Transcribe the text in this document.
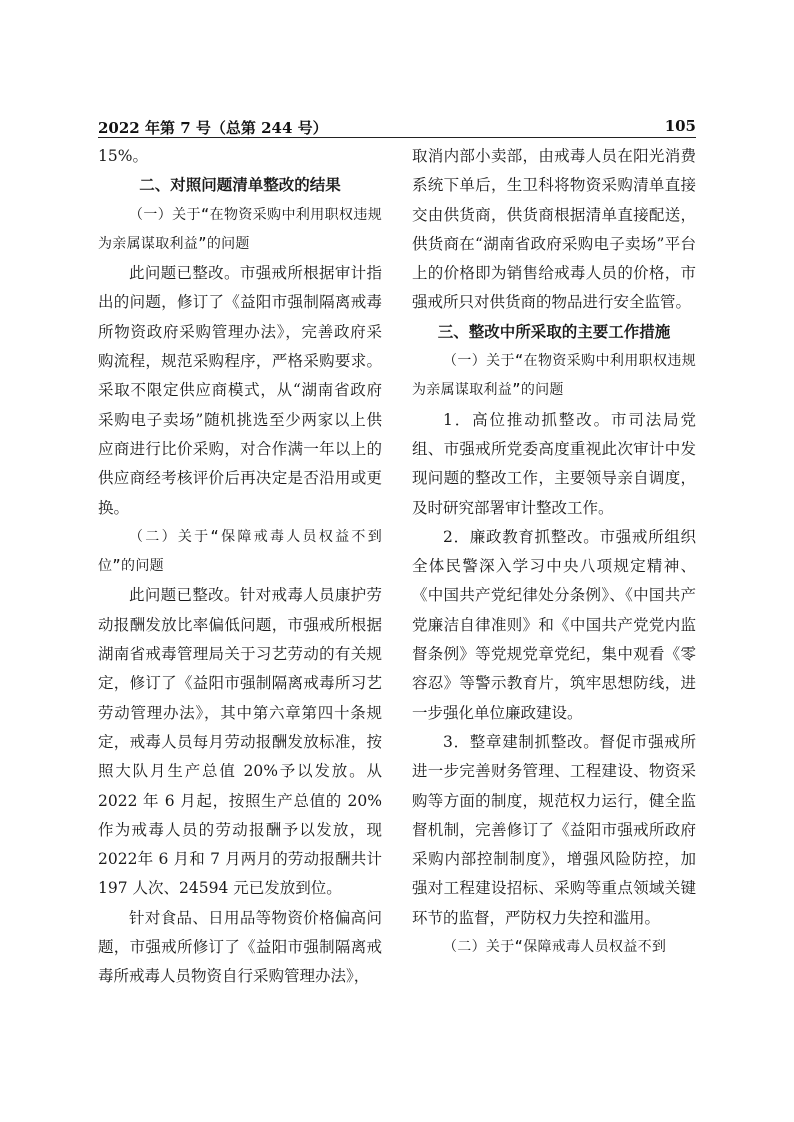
2022 年第 7 号（总第 244 号）	105

15%。

二、对照问题清单整改的结果

（一）关于“在物资采购中利用职权违规为亲属谋取利益”的问题

此问题已整改。市强戒所根据审计指出的问题，修订了《益阳市强制隔离戒毒所物资政府采购管理办法》，完善政府采购流程，规范采购程序，严格采购要求。采取不限定供应商模式，从“湖南省政府采购电子卖场”随机挑选至少两家以上供应商进行比价采购，对合作满一年以上的供应商经考核评价后再决定是否沿用或更换。

（二）关于“保障戒毒人员权益不到位”的问题

此问题已整改。针对戒毒人员康护劳动报酬发放比率偏低问题，市强戒所根据湖南省戒毒管理局关于习艺劳动的有关规定，修订了《益阳市强制隔离戒毒所习艺劳动管理办法》，其中第六章第四十条规定，戒毒人员每月劳动报酬发放标准，按照大队月生产总值 20%予以发放。从2022 年 6 月起，按照生产总值的 20%作为戒毒人员的劳动报酬予以发放，现 2022年 6 月和 7 月两月的劳动报酬共计 197 人次、24594 元已发放到位。

针对食品、日用品等物资价格偏高问题，市强戒所修订了《益阳市强制隔离戒毒所戒毒人员物资自行采购管理办法》，

取消内部小卖部，由戒毒人员在阳光消费系统下单后，生卫科将物资采购清单直接交由供货商，供货商根据清单直接配送，供货商在“湖南省政府采购电子卖场”平台上的价格即为销售给戒毒人员的价格，市强戒所只对供货商的物品进行安全监管。

三、整改中所采取的主要工作措施

（一）关于“在物资采购中利用职权违规为亲属谋取利益”的问题

1．高位推动抓整改。市司法局党组、市强戒所党委高度重视此次审计中发现问题的整改工作，主要领导亲自调度，及时研究部署审计整改工作。

2．廉政教育抓整改。市强戒所组织全体民警深入学习中央八项规定精神、《中国共产党纪律处分条例》、《中国共产党廉洁自律准则》和《中国共产党党内监督条例》等党规党章党纪，集中观看《零容忍》等警示教育片，筑牢思想防线，进一步强化单位廉政建设。

3．整章建制抓整改。督促市强戒所进一步完善财务管理、工程建设、物资采购等方面的制度，规范权力运行，健全监督机制，完善修订了《益阳市强戒所政府采购内部控制制度》，增强风险防控，加强对工程建设招标、采购等重点领域关键环节的监督，严防权力失控和滥用。

（二）关于“保障戒毒人员权益不到
